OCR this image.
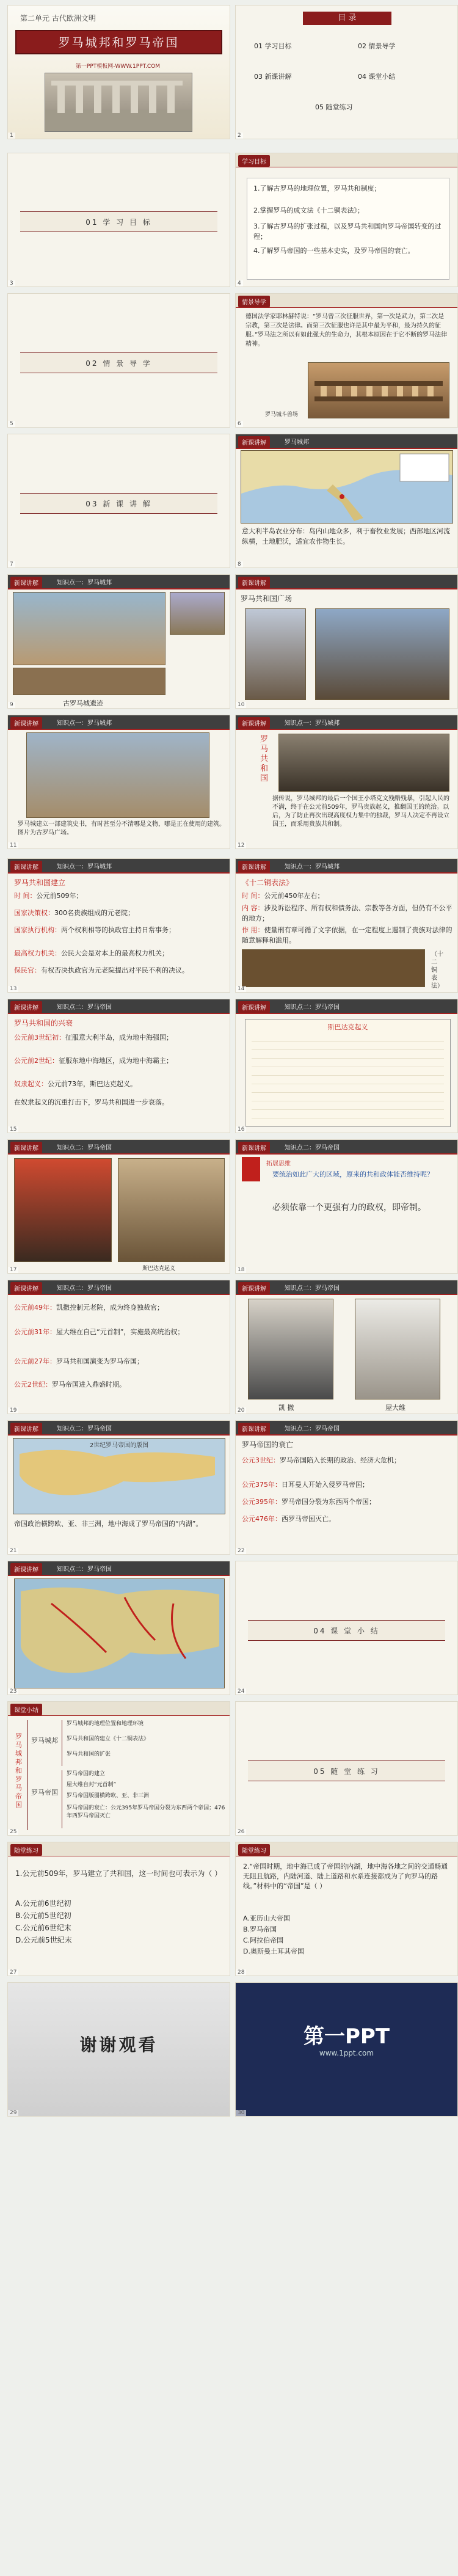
第二单元 古代欧洲文明
罗马城邦和罗马帝国
第一PPT模板网-WWW.1PPT.COM
1
目 录
01 学习目标	02 情景导学
03 新课讲解	04 课堂小结
05 随堂练习
2
01 学 习 目 标
3
学习目标
1.了解古罗马的地理位置，罗马共和制度；
2.掌握罗马的成文法《十二铜表法》；
3.了解古罗马的扩张过程，以及罗马共和国向罗马帝国转变的过程；
4.了解罗马帝国的一些基本史实，及罗马帝国的衰亡。
4
02 情 景 导 学
5
情景导学
德国法学家耶林赫特说：“罗马曾三次征服世界，第一次是武力，第二次是宗教，第三次是法律。而第三次征服也许是其中最为平和，最为持久的征服。”罗马法之所以有如此强大的生命力，其根本原因在于它不断的罗马法律精神。
罗马城斗兽场
6
03 新 课 讲 解
7
新课讲解	罗马城邦
意大利半岛农业分布：岛内山地众多，利于畜牧业发展；西部地区河流纵横，土地肥沃，适宜农作物生长。
8
新课讲解	知识点一：罗马城邦
古罗马城遗迹
9
新课讲解
罗马共和国广场
10
新课讲解	知识点一：罗马城邦
罗马城建立一部建筑史书，有时甚至分不清哪是文物，哪是正在使用的建筑。图片为古罗马广场。
11
新课讲解	知识点一：罗马城邦
罗马共和国
据传说，罗马城邦的最后一个国王小塔克文残酷残暴，引起人民的不满，终于在公元前509年，罗马贵族起义，推翻国王的统治。以后，为了防止再次出现高度权力集中的独裁，罗马人决定不再设立国王，而采用贵族共和制。
12
新课讲解	知识点一：罗马城邦
罗马共和国建立
时 间：公元前509年；
国家决策权：300名贵族组成的元老院；
国家执行机构：两个权利相等的执政官主持日常事务；
最高权力机关：公民大会是对本上的最高权力机关；
保民官：有权否决执政官为元老院提出对平民不利的决议。
13
新课讲解	知识点一：罗马城邦
《十二铜表法》
时 间：公元前450年左右；
内 容：涉及诉讼程序、所有权和债务法、宗教等各方面，但仍有不公平的地方；
作 用：使量刑有章可循了文字依据，在一定程度上遏制了贵族对法律的随意解释和滥用。
（十二铜表法）
14
新课讲解	知识点二：罗马帝国
罗马共和国的兴衰
公元前3世纪初：征服意大利半岛，成为地中海强国；
公元前2世纪：征服东地中海地区，成为地中海霸主；
奴隶起义：公元前73年，斯巴达克起义。
在奴隶起义的沉重打击下，罗马共和国进一步衰落。
15
新课讲解	知识点二：罗马帝国
斯巴达克起义
16
新课讲解	知识点二：罗马帝国
斯巴达克起义
17
新课讲解	知识点二：罗马帝国
拓展思维
要统治如此广大的区域，原来的共和政体能否维持呢？
必须依靠一个更强有力的政权，即帝制。
18
新课讲解	知识点二：罗马帝国
公元前49年：凯撒控制元老院，成为终身独裁官；
公元前31年：屋大维在自己“元首制”，实施最高统治权；
公元前27年：罗马共和国演变为罗马帝国；
公元2世纪：罗马帝国进入鼎盛时期。
19
新课讲解	知识点二：罗马帝国
凯 撒	屋大维
20
新课讲解	知识点二：罗马帝国
2世纪罗马帝国的版图
帝国政治横跨欧、亚、非三洲，地中海成了罗马帝国的“内湖”。
21
新课讲解	知识点二：罗马帝国
罗马帝国的衰亡
公元3世纪：罗马帝国陷入长期的政治、经济大危机；
公元375年：日耳曼人开始入侵罗马帝国；
公元395年：罗马帝国分裂为东西两个帝国；
公元476年：西罗马帝国灭亡。
22
新课讲解	知识点二：罗马帝国
23
04 课 堂 小 结
24
课堂小结
罗马城邦和罗马帝国
罗马城邦
罗马帝国
罗马城邦的地理位置和地理环境
罗马共和国的建立《十二铜表法》
罗马共和国的扩张
罗马帝国的建立
屋大维自封“元首制”
罗马帝国版图横跨欧、亚、非三洲
罗马帝国的衰亡：公元395年罗马帝国分裂为东西两个帝国；476年西罗马帝国灭亡
25
05 随 堂 练 习
26
随堂练习
1.公元前509年，罗马建立了共和国，这一时间也可表示为（ ）
A.公元前6世纪初
B.公元前5世纪初
C.公元前6世纪末
D.公元前5世纪末
27
随堂练习
2.“帝国时期，地中海已成了帝国的内湖，地中海各地之间的交通畅通无阻且航路，内陆河道、陆上道路和水系连接都成为了向罗马的路线。”材料中的“帝国”是（ ）
A.亚历山大帝国
B.罗马帝国
C.阿拉伯帝国
D.奥斯曼土耳其帝国
28
谢谢观看
29
第一PPT
www.1ppt.com
30
